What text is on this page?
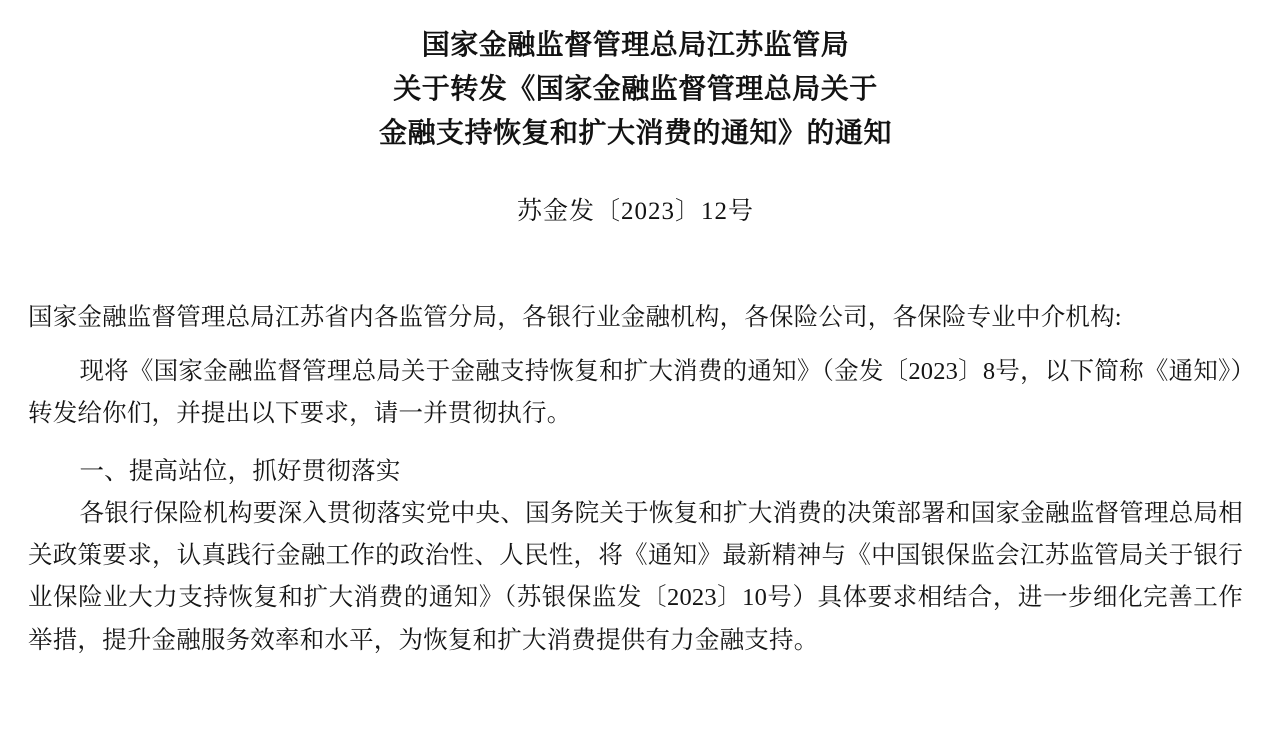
国家金融监督管理总局江苏监管局
关于转发《国家金融监督管理总局关于
金融支持恢复和扩大消费的通知》的通知

苏金发〔2023〕12号

国家金融监督管理总局江苏省内各监管分局，各银行业金融机构，各保险公司，各保险专业中介机构:

现将《国家金融监督管理总局关于金融支持恢复和扩大消费的通知》（金发〔2023〕8号，以下简称《通知》）转发给你们，并提出以下要求，请一并贯彻执行。

一、提高站位，抓好贯彻落实

各银行保险机构要深入贯彻落实党中央、国务院关于恢复和扩大消费的决策部署和国家金融监督管理总局相关政策要求，认真践行金融工作的政治性、人民性，将《通知》最新精神与《中国银保监会江苏监管局关于银行业保险业大力支持恢复和扩大消费的通知》（苏银保监发〔2023〕10号）具体要求相结合，进一步细化完善工作举措，提升金融服务效率和水平，为恢复和扩大消费提供有力金融支持。
